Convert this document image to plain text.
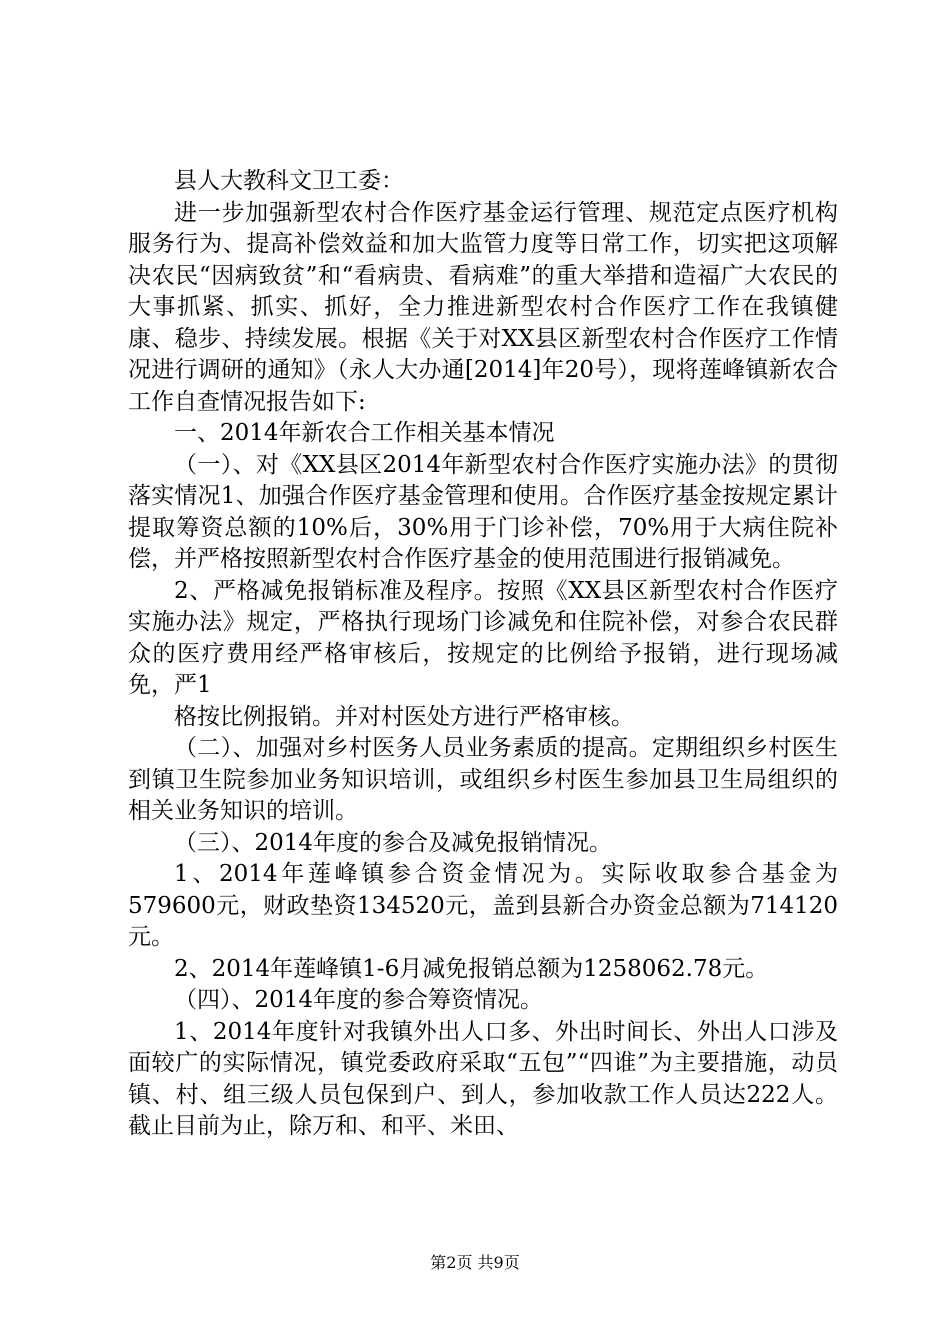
县人大教科文卫工委：

进一步加强新型农村合作医疗基金运行管理、规范定点医疗机构服务行为、提高补偿效益和加大监管力度等日常工作，切实把这项解决农民“因病致贫”和“看病贵、看病难”的重大举措和造福广大农民的大事抓紧、抓实、抓好，全力推进新型农村合作医疗工作在我镇健康、稳步、持续发展。根据《关于对XX县区新型农村合作医疗工作情况进行调研的通知》（永人大办通[2014]年20号），现将莲峰镇新农合工作自查情况报告如下:

一、2014年新农合工作相关基本情况

（一）、对《XX县区2014年新型农村合作医疗实施办法》的贯彻落实情况1、加强合作医疗基金管理和使用。合作医疗基金按规定累计提取筹资总额的10%后，30%用于门诊补偿，70%用于大病住院补偿，并严格按照新型农村合作医疗基金的使用范围进行报销减免。

2、严格减免报销标准及程序。按照《XX县区新型农村合作医疗实施办法》规定，严格执行现场门诊减免和住院补偿，对参合农民群众的医疗费用经严格审核后，按规定的比例给予报销，进行现场减免，严1

格按比例报销。并对村医处方进行严格审核。

（二）、加强对乡村医务人员业务素质的提高。定期组织乡村医生到镇卫生院参加业务知识培训，或组织乡村医生参加县卫生局组织的相关业务知识的培训。

（三）、2014年度的参合及减免报销情况。

1、2014年莲峰镇参合资金情况为。实际收取参合基金为579600元，财政垫资134520元，盖到县新合办资金总额为714120元。

2、2014年莲峰镇1-6月减免报销总额为1258062.78元。

（四）、2014年度的参合筹资情况。

1、2014年度针对我镇外出人口多、外出时间长、外出人口涉及面较广的实际情况，镇党委政府采取“五包”“四谁”为主要措施，动员镇、村、组三级人员包保到户、到人，参加收款工作人员达222人。截止目前为止，除万和、和平、米田、

第2页 共9页
